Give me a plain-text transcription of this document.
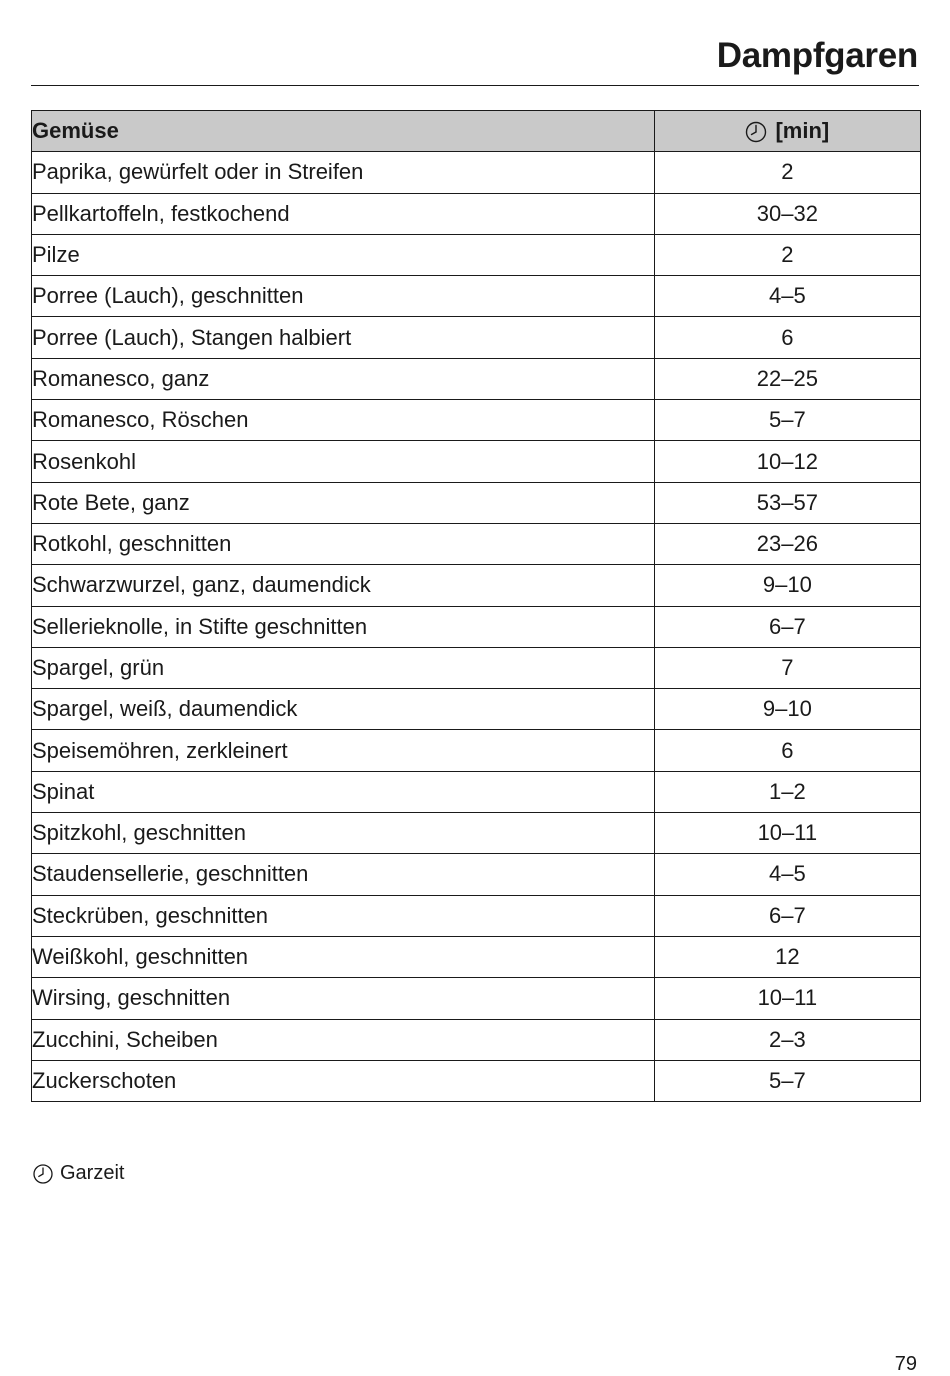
Dampfgaren
Gemüse	[min]
Paprika, gewürfelt oder in Streifen	2
Pellkartoffeln, festkochend	30–32
Pilze	2
Porree (Lauch), geschnitten	4–5
Porree (Lauch), Stangen halbiert	6
Romanesco, ganz	22–25
Romanesco, Röschen	5–7
Rosenkohl	10–12
Rote Bete, ganz	53–57
Rotkohl, geschnitten	23–26
Schwarzwurzel, ganz, daumendick	9–10
Sellerieknolle, in Stifte geschnitten	6–7
Spargel, grün	7
Spargel, weiß, daumendick	9–10
Speisemöhren, zerkleinert	6
Spinat	1–2
Spitzkohl, geschnitten	10–11
Staudensellerie, geschnitten	4–5
Steckrüben, geschnitten	6–7
Weißkohl, geschnitten	12
Wirsing, geschnitten	10–11
Zucchini, Scheiben	2–3
Zuckerschoten	5–7
Garzeit
79
